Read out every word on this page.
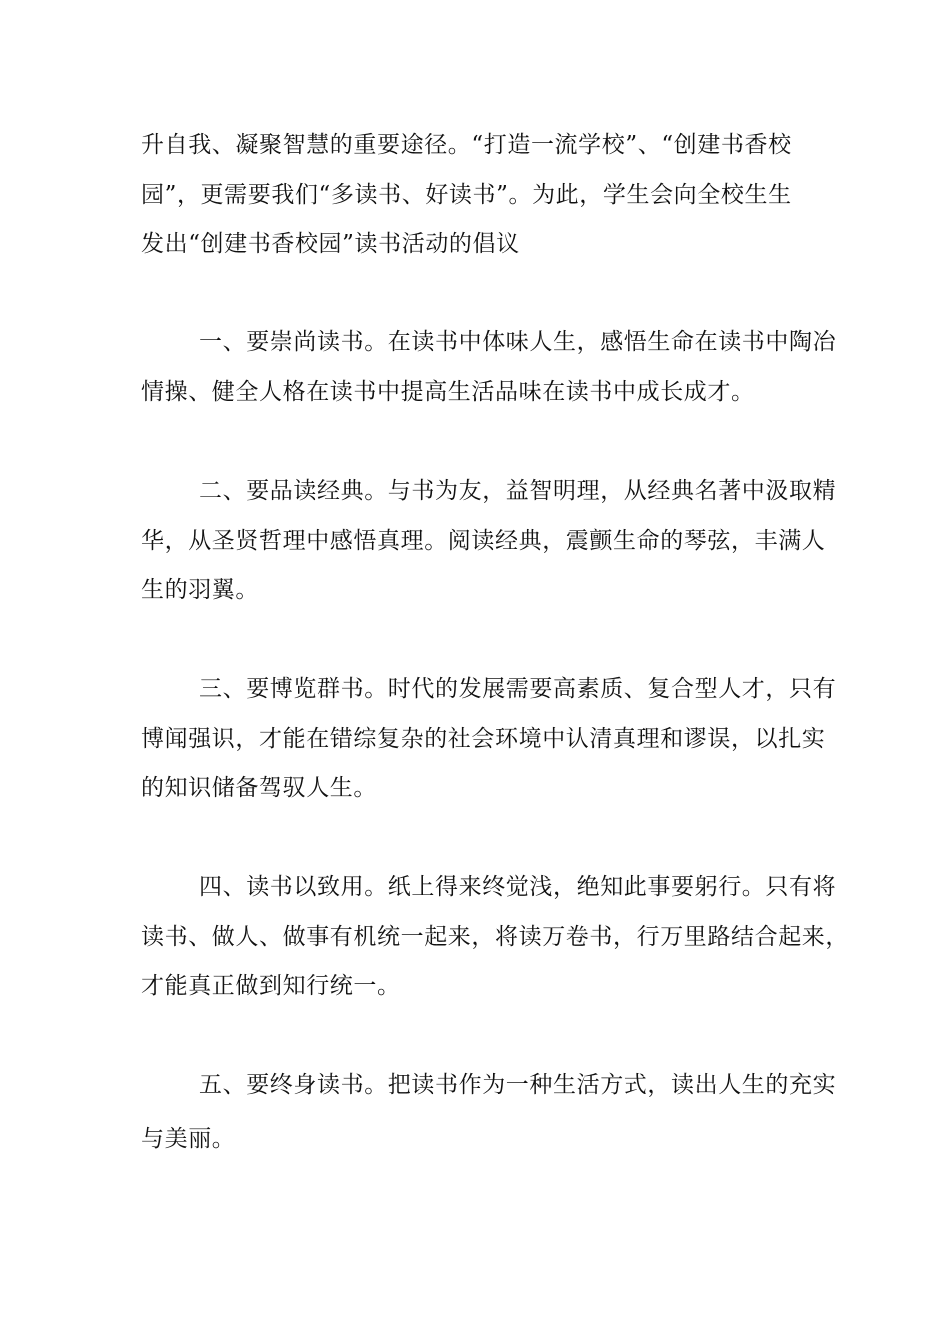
升自我、凝聚智慧的重要途径。“打造一流学校”、“创建书香校
园”，更需要我们“多读书、好读书”。为此，学生会向全校生生
发出“创建书香校园”读书活动的倡议
一、要崇尚读书。在读书中体味人生，感悟生命在读书中陶冶
情操、健全人格在读书中提高生活品味在读书中成长成才。
二、要品读经典。与书为友，益智明理，从经典名著中汲取精
华，从圣贤哲理中感悟真理。阅读经典，震颤生命的琴弦，丰满人
生的羽翼。
三、要博览群书。时代的发展需要高素质、复合型人才，只有
博闻强识，才能在错综复杂的社会环境中认清真理和谬误，以扎实
的知识储备驾驭人生。
四、读书以致用。纸上得来终觉浅，绝知此事要躬行。只有将
读书、做人、做事有机统一起来，将读万卷书，行万里路结合起来，
才能真正做到知行统一。
五、要终身读书。把读书作为一种生活方式，读出人生的充实
与美丽。
